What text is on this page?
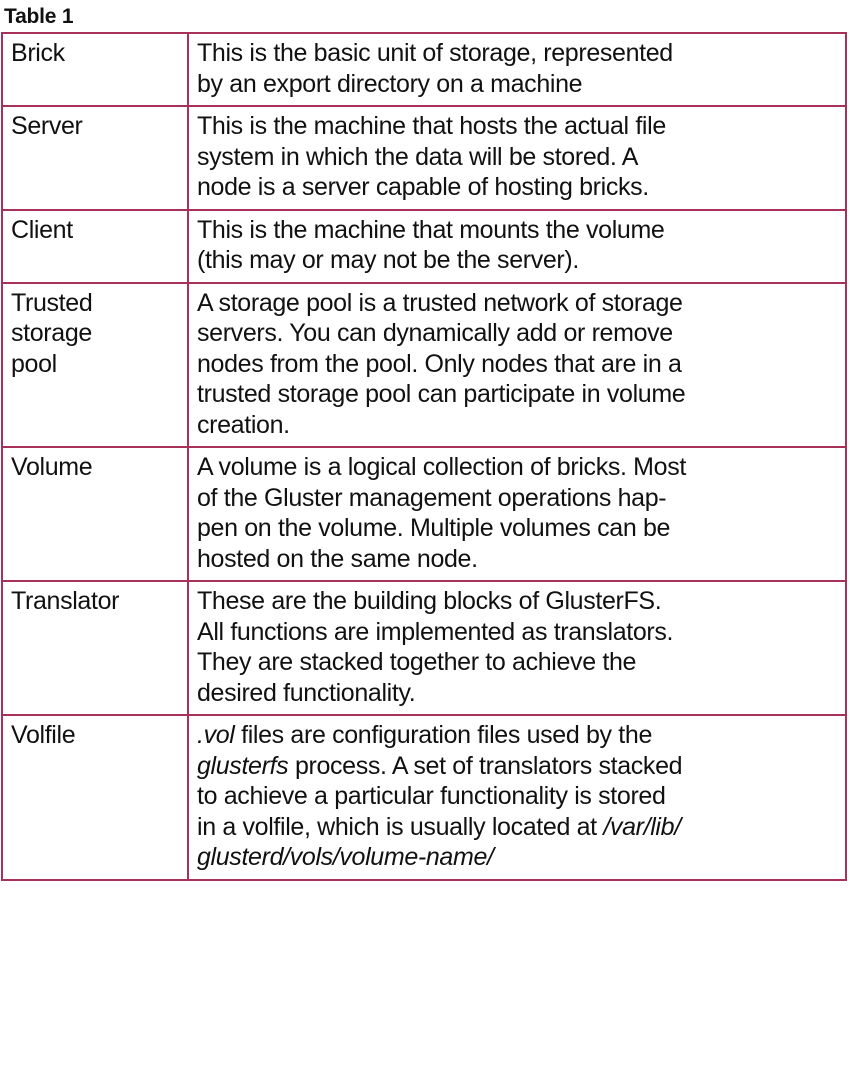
Table 1
Brick	This is the basic unit of storage, represented
by an export directory on a machine

Server	This is the machine that hosts the actual file
system in which the data will be stored. A
node is a server capable of hosting bricks.

Client	This is the machine that mounts the volume
(this may or may not be the server).

Trusted
storage
pool	A storage pool is a trusted network of storage
servers. You can dynamically add or remove
nodes from the pool. Only nodes that are in a
trusted storage pool can participate in volume
creation.

Volume	A volume is a logical collection of bricks. Most
of the Gluster management operations hap-
pen on the volume. Multiple volumes can be
hosted on the same node.

Translator	These are the building blocks of GlusterFS.
All functions are implemented as translators.
They are stacked together to achieve the
desired functionality.

Volfile	.vol files are configuration files used by the
glusterfs process. A set of translators stacked
to achieve a particular functionality is stored
in a volfile, which is usually located at /var/lib/
glusterd/vols/volume-name/
